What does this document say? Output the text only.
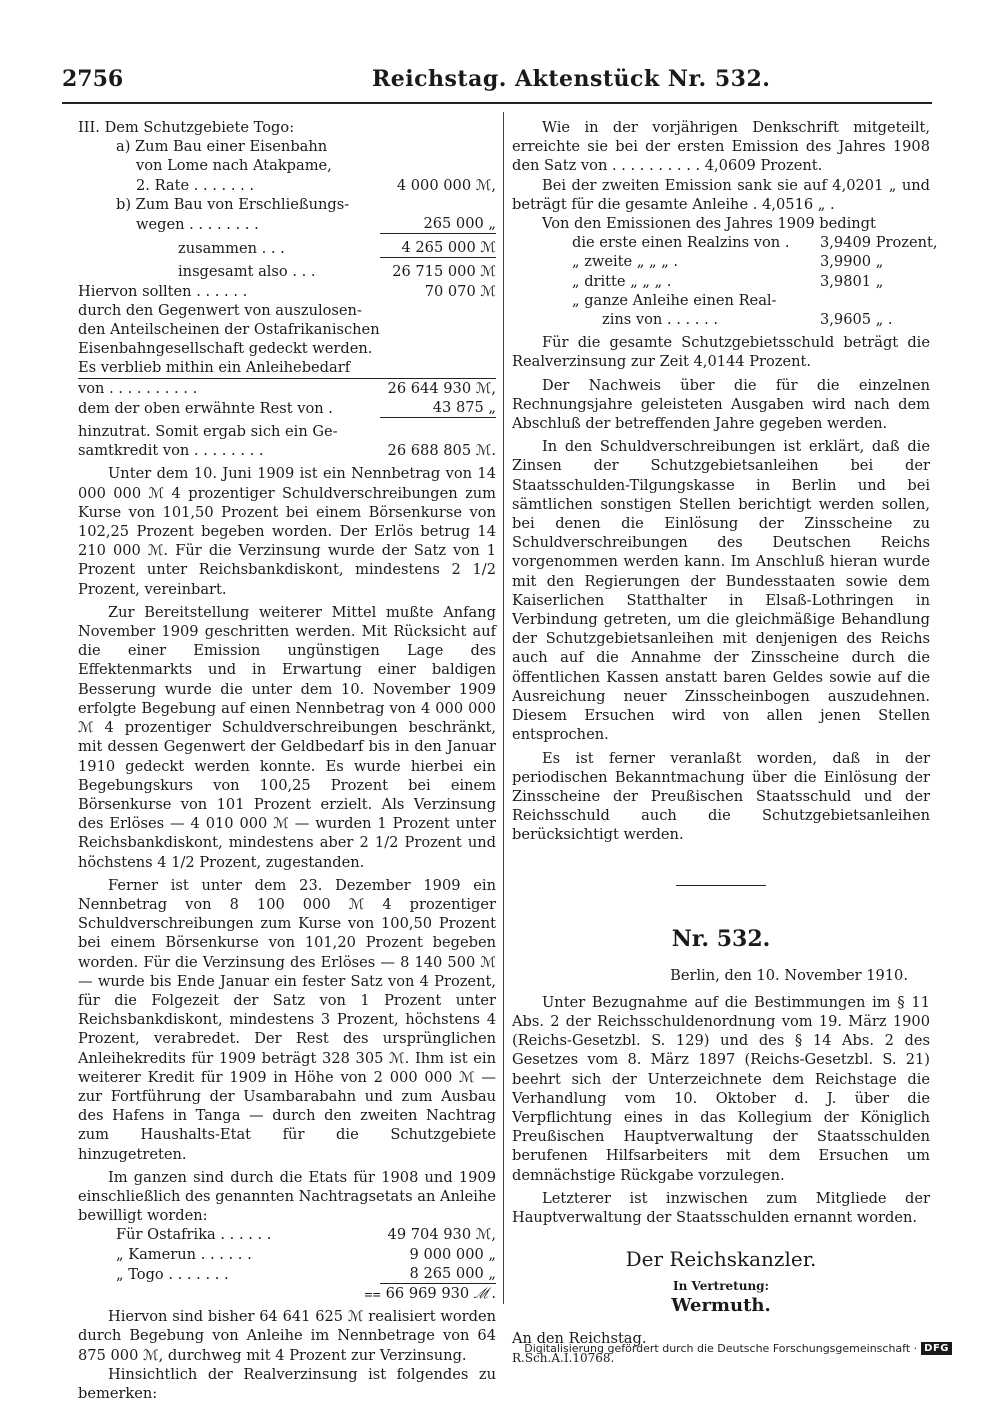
2756	Reichstag. Aktenstück Nr. 532.
III. Dem Schutzgebiete Togo:
a) Zum Bau einer Eisenbahn
von Lome nach Atakpame,
2. Rate . . . . . . .	4 000 000 ℳ,
b) Zum Bau von Erschließungs-
wegen . . . . . . . .	265 000 „
zusammen . . .	4 265 000 ℳ
insgesamt also . . .	26 715 000 ℳ
Hiervon sollten . . . . . .	70 070 ℳ
durch den Gegenwert von auszulosen-
den Anteilscheinen der Ostafrikanischen
Eisenbahngesellschaft gedeckt werden.
Es verblieb mithin ein Anleihebedarf
von . . . . . . . . . .	26 644 930 ℳ,
dem der oben erwähnte Rest von .	43 875 „
hinzutrat. Somit ergab sich ein Ge-
samtkredit von . . . . . . . .	26 688 805 ℳ.

Unter dem 10. Juni 1909 ist ein Nennbetrag von 14 000 000 ℳ 4 prozentiger Schuldverschreibungen zum Kurse von 101,50 Prozent bei einem Börsenkurse von 102,25 Prozent begeben worden. Der Erlös betrug 14 210 000 ℳ. Für die Verzinsung wurde der Satz von 1 Prozent unter Reichsbankdiskont, mindestens 2 1/2 Prozent, vereinbart.

Zur Bereitstellung weiterer Mittel mußte Anfang November 1909 geschritten werden. Mit Rücksicht auf die einer Emission ungünstigen Lage des Effektenmarkts und in Erwartung einer baldigen Besserung wurde die unter dem 10. November 1909 erfolgte Begebung auf einen Nennbetrag von 4 000 000 ℳ 4 prozentiger Schuldverschreibungen beschränkt, mit dessen Gegenwert der Geldbedarf bis in den Januar 1910 gedeckt werden konnte. Es wurde hierbei ein Begebungskurs von 100,25 Prozent bei einem Börsenkurse von 101 Prozent erzielt. Als Verzinsung des Erlöses — 4 010 000 ℳ — wurden 1 Prozent unter Reichsbankdiskont, mindestens aber 2 1/2 Prozent und höchstens 4 1/2 Prozent, zugestanden.

Ferner ist unter dem 23. Dezember 1909 ein Nennbetrag von 8 100 000 ℳ 4 prozentiger Schuldverschreibungen zum Kurse von 100,50 Prozent bei einem Börsenkurse von 101,20 Prozent begeben worden. Für die Verzinsung des Erlöses — 8 140 500 ℳ — wurde bis Ende Januar ein fester Satz von 4 Prozent, für die Folgezeit der Satz von 1 Prozent unter Reichsbankdiskont, mindestens 3 Prozent, höchstens 4 Prozent, verabredet. Der Rest des ursprünglichen Anleihekredits für 1909 beträgt 328 305 ℳ. Ihm ist ein weiterer Kredit für 1909 in Höhe von 2 000 000 ℳ — zur Fortführung der Usambarabahn und zum Ausbau des Hafens in Tanga — durch den zweiten Nachtrag zum Haushalts-Etat für die Schutzgebiete hinzugetreten.

Im ganzen sind durch die Etats für 1908 und 1909 einschließlich des genannten Nachtragsetats an Anleihe bewilligt worden:

Für Ostafrika . . . . . .	49 704 930 ℳ,
„ Kamerun . . . . . .	9 000 000 „
„ Togo . . . . . . .	8 265 000 „
⩵ 66 969 930 ℳ.

Hiervon sind bisher 64 641 625 ℳ realisiert worden durch Begebung von Anleihe im Nennbetrage von 64 875 000 ℳ, durchweg mit 4 Prozent zur Verzinsung.

Hinsichtlich der Realverzinsung ist folgendes zu bemerken:

Wie in der vorjährigen Denkschrift mitgeteilt, erreichte sie bei der ersten Emission des Jahres 1908 den Satz von . . . . . . . . . . 4,0609 Prozent.

Bei der zweiten Emission sank sie auf 4,0201 „ und beträgt für die gesamte Anleihe . 4,0516 „ .

Von den Emissionen des Jahres 1909 bedingt

die erste einen Realzins von .	3,9409 Prozent,
„ zweite „ „ „ .	3,9900 „
„ dritte „ „ „ .	3,9801 „
„ ganze Anleihe einen Real-
zins von . . . . . .	3,9605 „ .

Für die gesamte Schutzgebietsschuld beträgt die Realverzinsung zur Zeit 4,0144 Prozent.

Der Nachweis über die für die einzelnen Rechnungsjahre geleisteten Ausgaben wird nach dem Abschluß der betreffenden Jahre gegeben werden.

In den Schuldverschreibungen ist erklärt, daß die Zinsen der Schutzgebietsanleihen bei der Staatsschulden-Tilgungskasse in Berlin und bei sämtlichen sonstigen Stellen berichtigt werden sollen, bei denen die Einlösung der Zinsscheine zu Schuldverschreibungen des Deutschen Reichs vorgenommen werden kann. Im Anschluß hieran wurde mit den Regierungen der Bundesstaaten sowie dem Kaiserlichen Statthalter in Elsaß-Lothringen in Verbindung getreten, um die gleichmäßige Behandlung der Schutzgebietsanleihen mit denjenigen des Reichs auch auf die Annahme der Zinsscheine durch die öffentlichen Kassen anstatt baren Geldes sowie auf die Ausreichung neuer Zinsscheinbogen auszudehnen. Diesem Ersuchen wird von allen jenen Stellen entsprochen.

Es ist ferner veranlaßt worden, daß in der periodischen Bekanntmachung über die Einlösung der Zinsscheine der Preußischen Staatsschuld und der Reichsschuld auch die Schutzgebietsanleihen berücksichtigt werden.

Nr. 532.
Berlin, den 10. November 1910.

Unter Bezugnahme auf die Bestimmungen im § 11 Abs. 2 der Reichsschuldenordnung vom 19. März 1900 (Reichs-Gesetzbl. S. 129) und des § 14 Abs. 2 des Gesetzes vom 8. März 1897 (Reichs-Gesetzbl. S. 21) beehrt sich der Unterzeichnete dem Reichstage die Verhandlung vom 10. Oktober d. J. über die Verpflichtung eines in das Kollegium der Königlich Preußischen Hauptverwaltung der Staatsschulden berufenen Hilfsarbeiters mit dem Ersuchen um demnächstige Rückgabe vorzulegen.

Letzterer ist inzwischen zum Mitgliede der Hauptverwaltung der Staatsschulden ernannt worden.

Der Reichskanzler.
In Vertretung:
Wermuth.
An den Reichstag.
R.Sch.A.I.10768.
Digitalisierung gefördert durch die Deutsche Forschungsgemeinschaft · DFG
